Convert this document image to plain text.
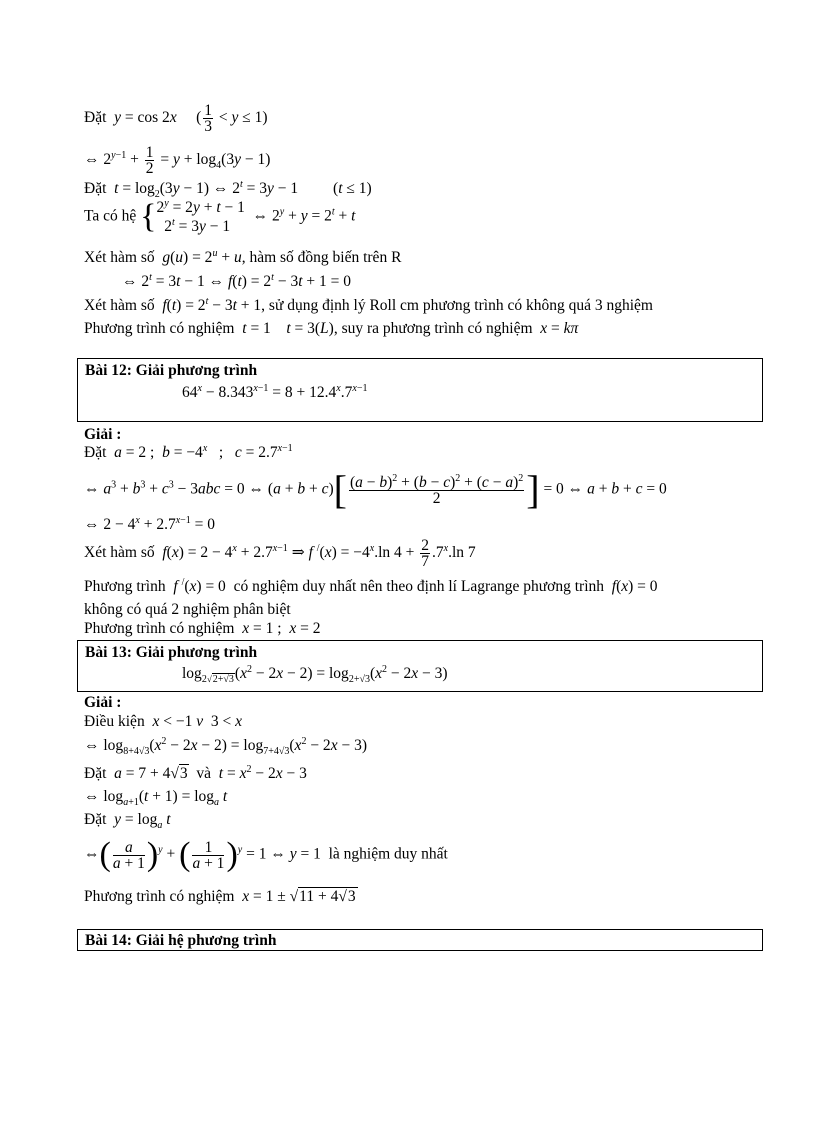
Đặt y = cos 2x     ( $\frac{1}{3} < y \le 1$)
⇔ $2^{y-1} + \frac{1}{2} = y + \log_4(3y - 1)$
Đặt $t = \log_2(3y - 1)$ ⇔ $2^t = 3y - 1$         (t ≤ 1)
Ta có hệ {$2^y = 2y + t - 1$
$2^t = 3y - 1$  ⇔ $2^y + y = 2^t + t$
Xét hàm số $g(u) = 2^u + u$, hàm số đồng biến trên R
⇔ $2^t = 3t - 1$ ⇔ $f(t) = 2^t - 3t + 1 = 0$
Xét hàm số $f(t) = 2^t - 3t + 1$, sử dụng định lý Roll cm phương trình có không quá 3 nghiệm
Phương trình có nghiệm t = 1    t = 3(L), suy ra phương trình có nghiệm x = kπ
Bài 12: Giải phương trình
$64^x - 8.343^{x-1} = 8 + 12.4^x.7^{x-1}$
Giải :
Đặt a = 2 ;  $b = -4^x$   ;   $c = 2.7^{x-1}$
⇔ $a^3 + b^3 + c^3 - 3abc = 0$ ⇔ $(a + b + c)[ \frac{(a - b)^2 + (b - c)^2 + (c - a)^2}{2}$ ] = 0 ⇔ a + b + c = 0
⇔ $2 - 4^x + 2.7^{x-1} = 0$
Xét hàm số $f(x) = 2 - 4^x + 2.7^{x-1}$ ⇒ f $^/(x) = -4^x.\ln$ $4 + \frac{2}{7} .7^x.\ln$ 7
Phương trình f /(x) = 0  có nghiệm duy nhất nên theo định lí Lagrange phương trình f(x) = 0
không có quá 2 nghiệm phân biệt
Phương trình có nghiệm x = 1 ;  x = 2
Bài 13: Giải phương trình
$\log_{2√2+√3}(x^2 - 2x - 2) = \log_{2+√3}(x^2 - 2x - 3)$
Giải :
Điều kiện x < −1 v  3 < x
⇔ $\log_{8+4√3}(x^2 - 2x - 2) = \log_{7+4√3}(x^2 - 2x - 3)$
Đặt a = 7 + 4√3 và $t = x^2 - 2x - 3$
⇔ $\log_{a+1}(t + 1) = \log_a t$
Đặt $y = \log_a t$
⇔( $\frac{a}{a + 1} )^y$ + ( $\frac{1}{a + 1} )^y = 1$ ⇔ y = 1  là nghiệm duy nhất
Phương trình có nghiệm x = 1 ± √11 + 4√3
Bài 14: Giải hệ phương trình
